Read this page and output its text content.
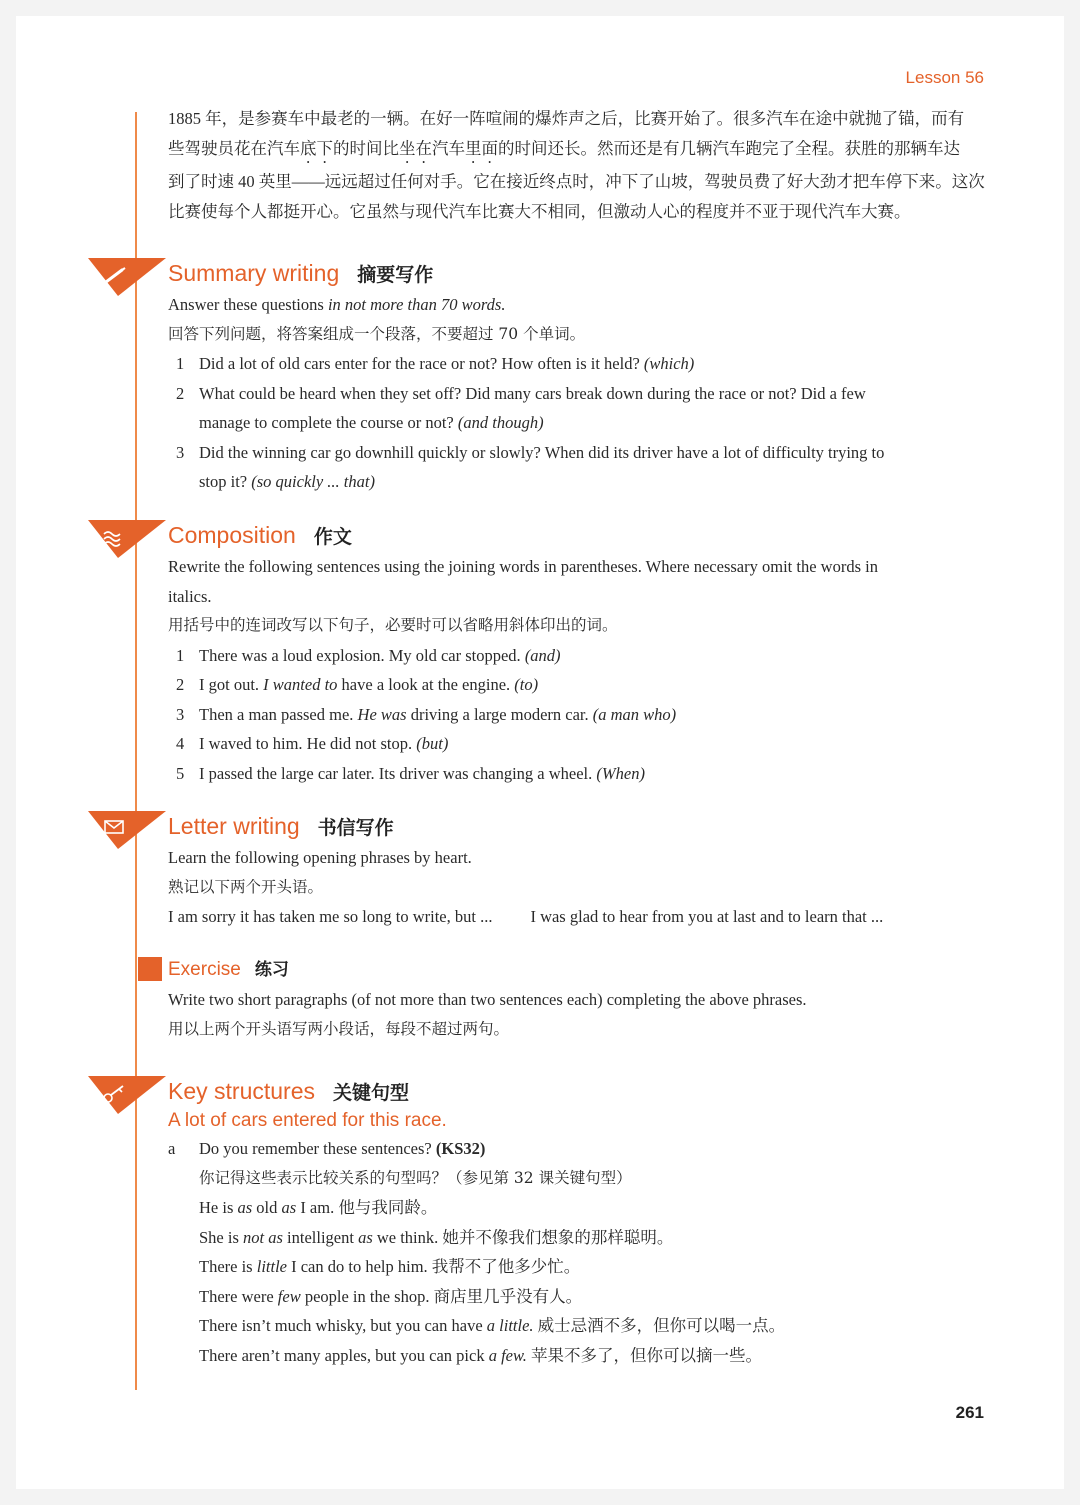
Lesson 56

1885 年，是参赛车中最老的一辆。在好一阵喧闹的爆炸声之后，比赛开始了。很多汽车在途中就抛了锚，而有

些驾驶员花在汽车底下的时间比坐在汽车里面的时间还长。然而还是有几辆汽车跑完了全程。获胜的那辆车达

到了时速 40 英里——远远超过任何对手。它在接近终点时，冲下了山坡，驾驶员费了好大劲才把车停下来。这次

比赛使每个人都挺开心。它虽然与现代汽车比赛大不相同，但激动人心的程度并不亚于现代汽车大赛。

Summary writing 摘要写作
Answer these questions in not more than 70 words.
回答下列问题，将答案组成一个段落，不要超过 70 个单词。
1 Did a lot of old cars enter for the race or not? How often is it held? (which)
2 What could be heard when they set off? Did many cars break down during the race or not? Did a few
manage to complete the course or not? (and though)
3 Did the winning car go downhill quickly or slowly? When did its driver have a lot of difficulty trying to
stop it? (so quickly ... that)
Composition 作文
Rewrite the following sentences using the joining words in parentheses. Where necessary omit the words in
italics.
用括号中的连词改写以下句子，必要时可以省略用斜体印出的词。
1 There was a loud explosion. My old car stopped. (and)
2 I got out. I wanted to have a look at the engine. (to)
3 Then a man passed me. He was driving a large modern car. (a man who)
4 I waved to him. He did not stop. (but)
5 I passed the large car later. Its driver was changing a wheel. (When)
Letter writing 书信写作
Learn the following opening phrases by heart.
熟记以下两个开头语。
I am sorry it has taken me so long to write, but ... I was glad to hear from you at last and to learn that ...
Exercise 练习
Write two short paragraphs (of not more than two sentences each) completing the above phrases.
用以上两个开头语写两小段话，每段不超过两句。
Key structures 关键句型
A lot of cars entered for this race.
a Do you remember these sentences? (KS32)
你记得这些表示比较关系的句型吗？（参见第 32 课关键句型）
He is as old as I am. 他与我同龄。
She is not as intelligent as we think. 她并不像我们想象的那样聪明。
There is little I can do to help him. 我帮不了他多少忙。
There were few people in the shop. 商店里几乎没有人。
There isn’t much whisky, but you can have a little. 威士忌酒不多，但你可以喝一点。
There aren’t many apples, but you can pick a few. 苹果不多了，但你可以摘一些。
261
